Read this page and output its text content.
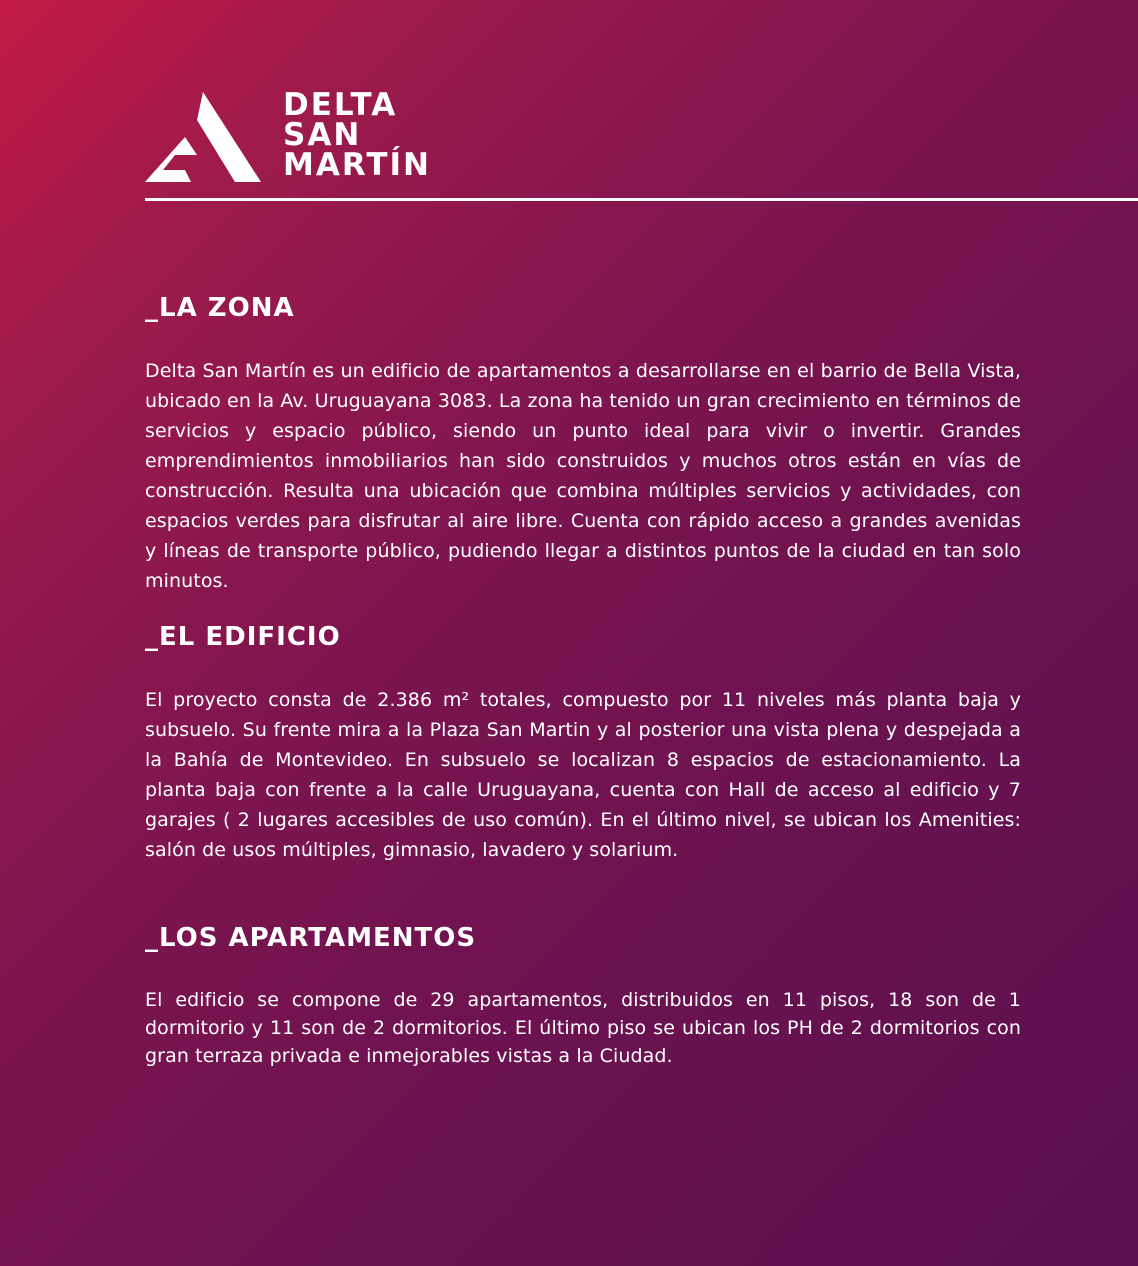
DELTA
SAN
MARTÍN
_LA ZONA

Delta San Martín es un edificio de apartamentos a desarrollarse en el barrio de Bella Vista, ubicado en la Av. Uruguayana 3083. La zona ha tenido un gran crecimiento en términos de servicios y espacio público, siendo un punto ideal para vivir o invertir. Grandes emprendimientos inmobiliarios han sido construidos y muchos otros están en vías de construcción. Resulta una ubicación que combina múltiples servicios y actividades, con espacios verdes para disfrutar al aire libre. Cuenta con rápido acceso a grandes avenidas y líneas de transporte público, pudiendo llegar a distintos puntos de la ciudad en tan solo minutos.

_EL EDIFICIO

El proyecto consta de 2.386 m² totales, compuesto por 11 niveles más planta baja y subsuelo. Su frente mira a la Plaza San Martin y al posterior una vista plena y despejada a la Bahía de Montevideo. En subsuelo se localizan 8 espacios de estacionamiento. La planta baja con frente a la calle Uruguayana, cuenta con Hall de acceso al edificio y 7 garajes ( 2 lugares accesibles de uso común). En el último nivel, se ubican los Amenities: salón de usos múltiples, gimnasio, lavadero y solarium.

_LOS APARTAMENTOS

El edificio se compone de 29 apartamentos, distribuidos en 11 pisos, 18 son de 1 dormitorio y 11 son de 2 dormitorios. El último piso se ubican los PH de 2 dormitorios con gran terraza privada e inmejorables vistas a la Ciudad.
